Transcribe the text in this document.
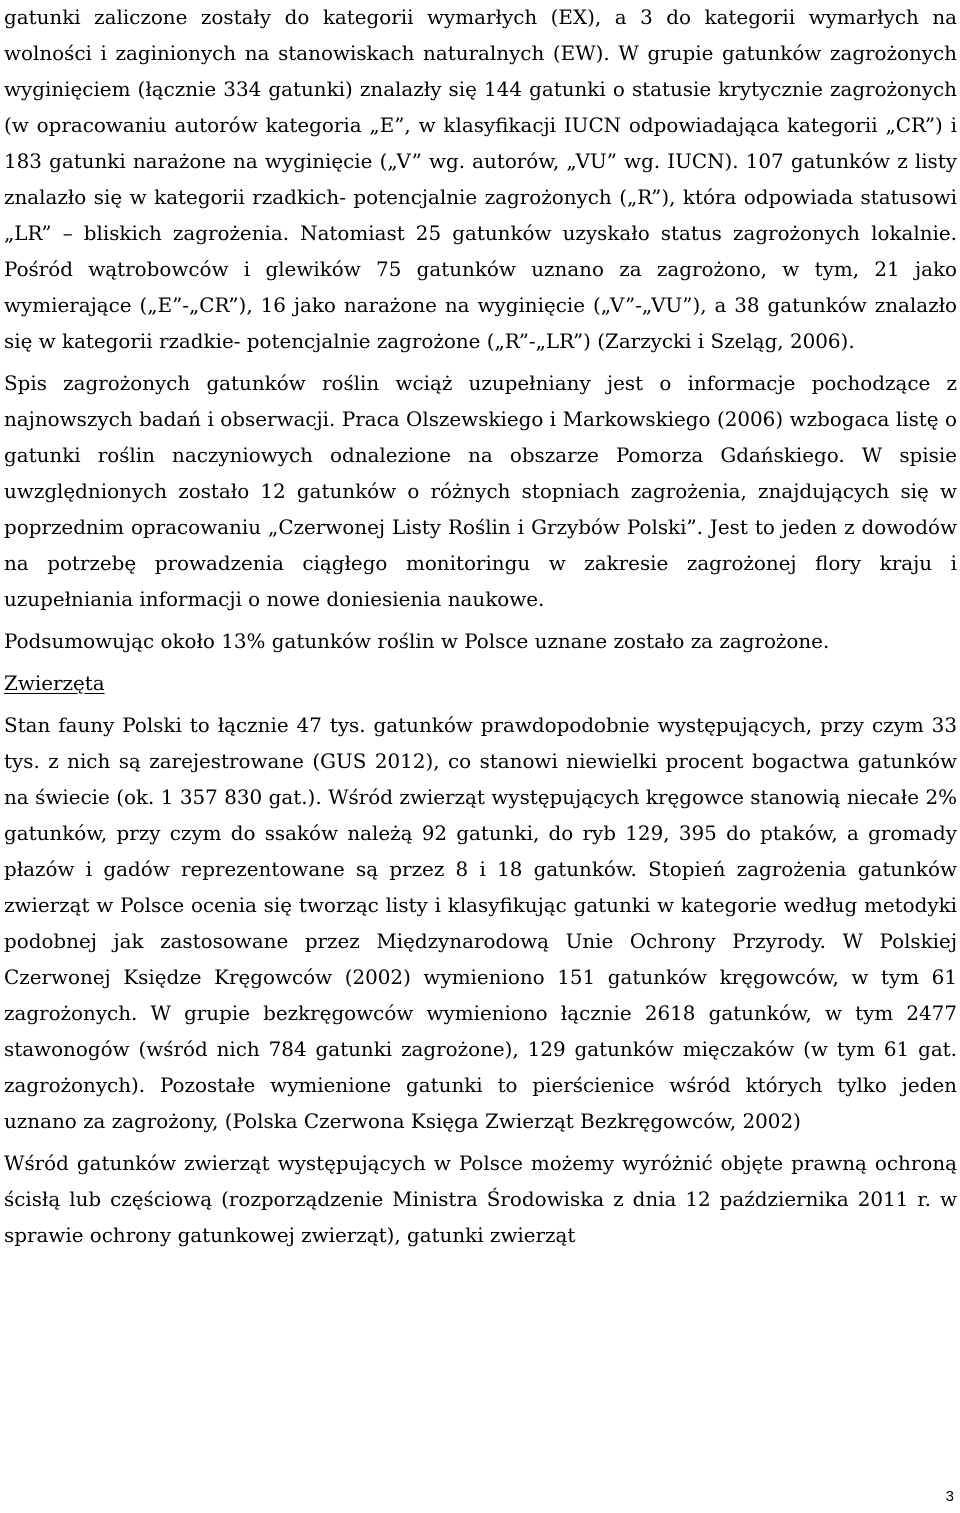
gatunki zaliczone zostały do kategorii wymarłych (EX), a 3 do kategorii wymarłych na wolności i zaginionych na stanowiskach naturalnych (EW). W grupie gatunków zagrożonych wyginięciem (łącznie 334 gatunki) znalazły się 144 gatunki o statusie krytycznie zagrożonych (w opracowaniu autorów kategoria „E”, w klasyfikacji IUCN odpowiadająca kategorii „CR”) i 183 gatunki narażone na wyginięcie („V” wg. autorów, „VU” wg. IUCN). 107 gatunków z listy znalazło się w kategorii rzadkich- potencjalnie zagrożonych („R”), która odpowiada statusowi „LR” – bliskich zagrożenia. Natomiast 25 gatunków uzyskało status zagrożonych lokalnie. Pośród wątrobowców i glewików 75 gatunków uznano za zagrożono, w tym, 21 jako wymierające („E”-„CR”), 16 jako narażone na wyginięcie („V”-„VU”), a 38 gatunków znalazło się w kategorii rzadkie- potencjalnie zagrożone („R”-„LR”) (Zarzycki i Szeląg, 2006).

Spis zagrożonych gatunków roślin wciąż uzupełniany jest o informacje pochodzące z najnowszych badań i obserwacji. Praca Olszewskiego i Markowskiego (2006) wzbogaca listę o gatunki roślin naczyniowych odnalezione na obszarze Pomorza Gdańskiego. W spisie uwzględnionych zostało 12 gatunków o różnych stopniach zagrożenia, znajdujących się w poprzednim opracowaniu „Czerwonej Listy Roślin i Grzybów Polski”. Jest to jeden z dowodów na potrzebę prowadzenia ciągłego monitoringu w zakresie zagrożonej flory kraju i uzupełniania informacji o nowe doniesienia naukowe.

Podsumowując około 13% gatunków roślin w Polsce uznane zostało za zagrożone.

Zwierzęta

Stan fauny Polski to łącznie 47 tys. gatunków prawdopodobnie występujących, przy czym 33 tys. z nich są zarejestrowane (GUS 2012), co stanowi niewielki procent bogactwa gatunków na świecie (ok. 1 357 830 gat.). Wśród zwierząt występujących kręgowce stanowią niecałe 2% gatunków, przy czym do ssaków należą 92 gatunki, do ryb 129, 395 do ptaków, a gromady płazów i gadów reprezentowane są przez 8 i 18 gatunków. Stopień zagrożenia gatunków zwierząt w Polsce ocenia się tworząc listy i klasyfikując gatunki w kategorie według metodyki podobnej jak zastosowane przez Międzynarodową Unie Ochrony Przyrody. W Polskiej Czerwonej Księdze Kręgowców (2002) wymieniono 151 gatunków kręgowców, w tym 61 zagrożonych. W grupie bezkręgowców wymieniono łącznie 2618 gatunków, w tym 2477 stawonogów (wśród nich 784 gatunki zagrożone), 129 gatunków mięczaków (w tym 61 gat. zagrożonych). Pozostałe wymienione gatunki to pierścienice wśród których tylko jeden uznano za zagrożony, (Polska Czerwona Księga Zwierząt Bezkręgowców, 2002)

Wśród gatunków zwierząt występujących w Polsce możemy wyróżnić objęte prawną ochroną ścisłą lub częściową (rozporządzenie Ministra Środowiska z dnia 12 października 2011 r. w sprawie ochrony gatunkowej zwierząt), gatunki zwierząt

3
